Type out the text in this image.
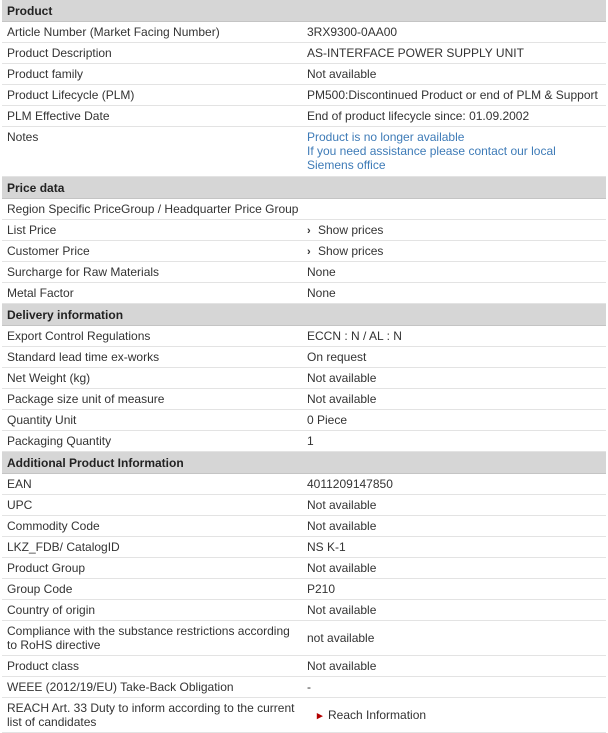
Product	
Article Number (Market Facing Number)	3RX9300-0AA00
Product Description	AS-INTERFACE POWER SUPPLY UNIT
Product family	Not available
Product Lifecycle (PLM)	PM500:Discontinued Product or end of PLM & Support
PLM Effective Date	End of product lifecycle since: 01.09.2002
Notes	Product is no longer available
If you need assistance please contact our local Siemens office

Price data	
Region Specific PriceGroup / Headquarter Price Group	
List Price	› Show prices
Customer Price	› Show prices
Surcharge for Raw Materials	None
Metal Factor	None
Delivery information	
Export Control Regulations	ECCN : N / AL : N
Standard lead time ex-works	On request
Net Weight (kg)	Not available
Package size unit of measure	Not available
Quantity Unit	0 Piece
Packaging Quantity	1
Additional Product Information	
EAN	4011209147850
UPC	Not available
Commodity Code	Not available
LKZ_FDB/ CatalogID	NS K-1
Product Group	Not available
Group Code	P210
Country of origin	Not available
Compliance with the substance restrictions according to RoHS directive	not available
Product class	Not available
WEEE (2012/19/EU) Take-Back Obligation	-
REACH Art. 33 Duty to inform according to the current list of candidates	▸ Reach Information
